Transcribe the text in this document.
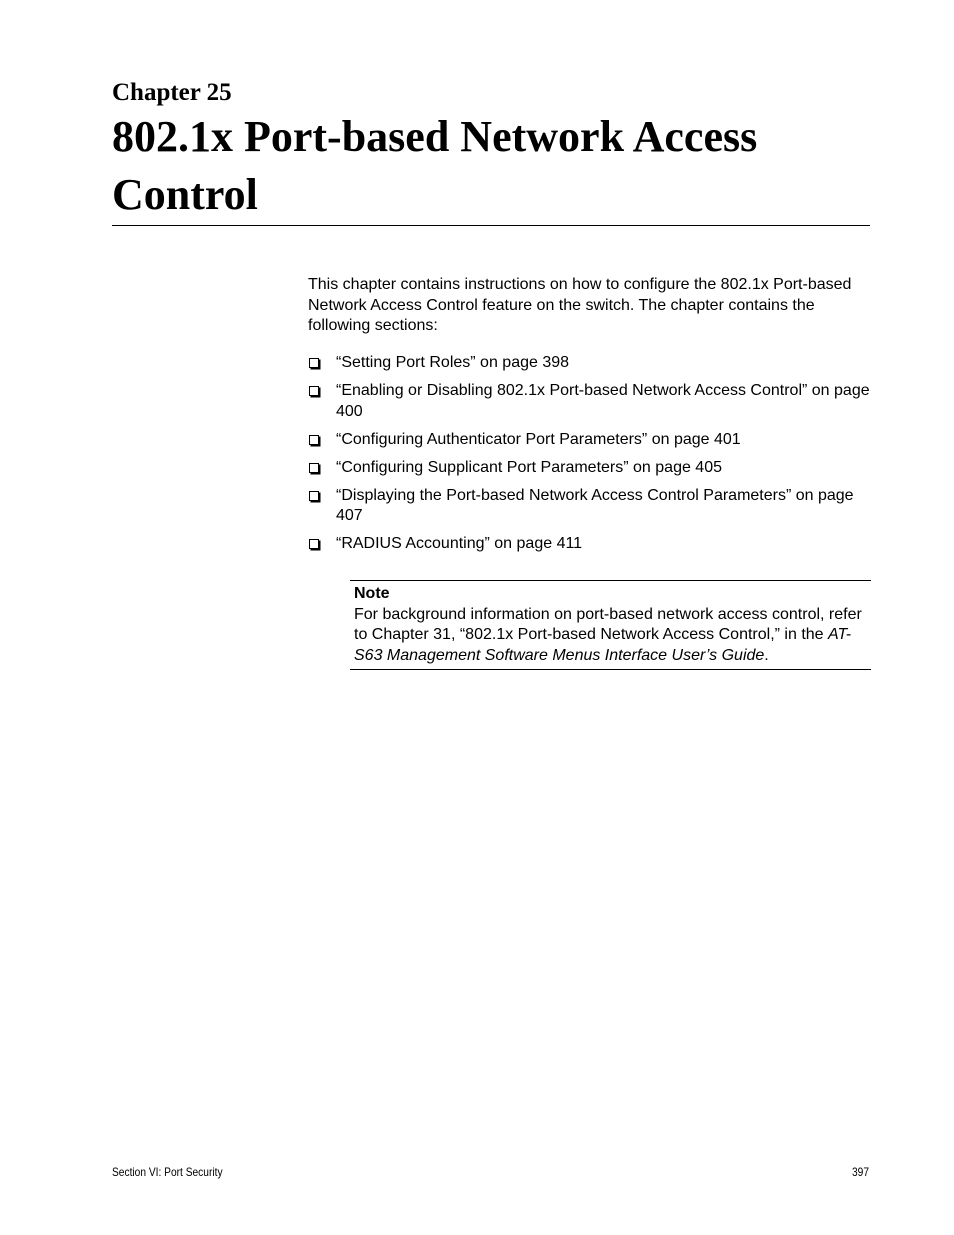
Chapter 25
802.1x Port-based Network Access Control

This chapter contains instructions on how to configure the 802.1x Port-based Network Access Control feature on the switch. The chapter contains the following sections:

“Setting Port Roles” on page 398
“Enabling or Disabling 802.1x Port-based Network Access Control” on page 400
“Configuring Authenticator Port Parameters” on page 401
“Configuring Supplicant Port Parameters” on page 405
“Displaying the Port-based Network Access Control Parameters” on page 407
“RADIUS Accounting” on page 411

Note

For background information on port-based network access control, refer to Chapter 31, “802.1x Port-based Network Access Control,” in the AT-S63 Management Software Menus Interface User’s Guide.

Section VI: Port Security	397
